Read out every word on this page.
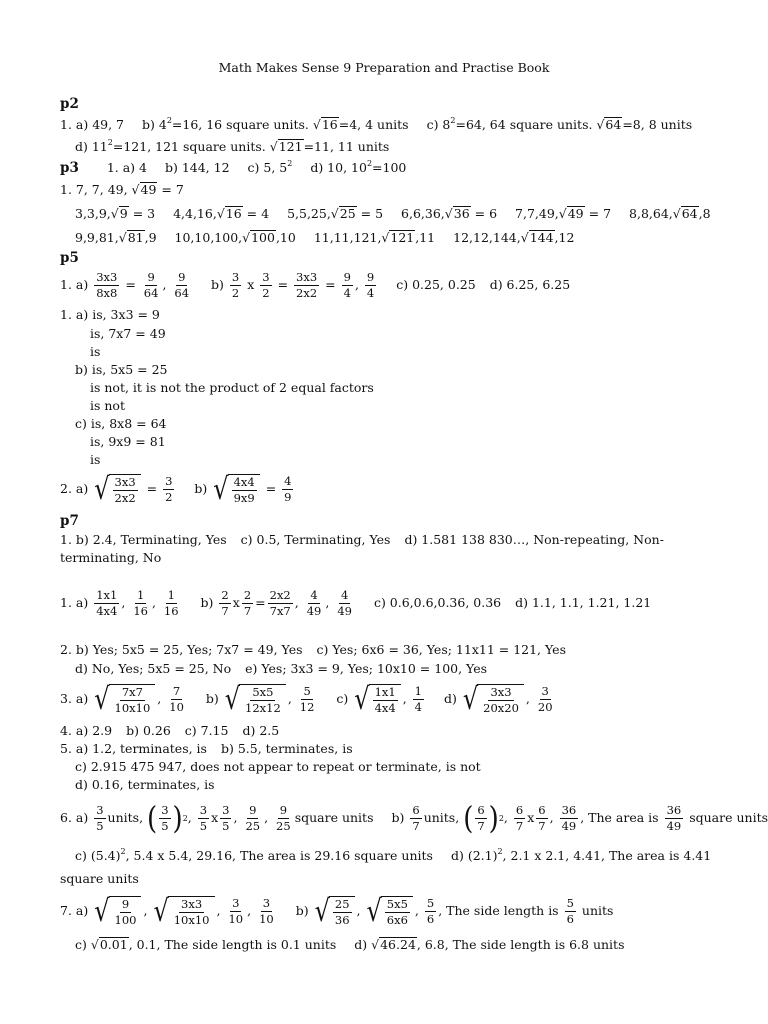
Math Makes Sense 9 Preparation and Practise Book
p2
1. a) 49, 7 b) $4^2=16$, 16 square units. √16=4, 4 units c) $8^2=64$, 64 square units. √64=8, 8 units
d) $11^2=121$, 121 square units. √121=11, 11 units
p3 1. a) 4 b) 144, 12 c) 5, $5^2$ d) 10, $10^2=100$
1. 7, 7, 49, √49 = 7
3,3,9,√9 = 3 4,4,16,√16 = 4 5,5,25,√25 = 5 6,6,36,√36 = 6 7,7,49,√49 = 7 8,8,64,√64,8
9,9,81,√81,9 10,10,100,√100,10 11,11,121,√121,11 12,12,144,√144,12
p5
1. $a) \frac{3x3}{8x8} = \frac{9}{64}$ , $\frac{9}{64} b) \frac{3}{2}$ x $\frac{3}{2} = \frac{3x3}{2x2} = \frac{9}{4}$ , $\frac{9}{4} c$) 0.25, 0.25 d) 6.25, 6.25
1. a) is, 3x3 = 9
is, 7x7 = 49
is
b) is, 5x5 = 25
is not, it is not the product of 2 equal factors
is not
c) is, 8x8 = 64
is, 9x9 = 81
is
2. a) √ $\frac{3x3}{2x2} = \frac{3}{2} b$) √ $\frac{4x4}{9x9} = \frac{4}{9}$
p7
1. b) 2.4, Terminating, Yes c) 0.5, Terminating, Yes d) 1.581 138 830…, Non-repeating, Non-
terminating, No
1. $a) \frac{1x1}{4x4}$ , $\frac{1}{16}$ , $\frac{1}{16} b) \frac{2}{7}$ x $\frac{2}{7} = \frac{2x2}{7x7}$ , $\frac{4}{49}$ , $\frac{4}{49} c$) 0.6,0.6,0.36, 0.36 d) 1.1, 1.1, 1.21, 1.21
2. b) Yes; 5x5 = 25, Yes; 7x7 = 49, Yes c) Yes; 6x6 = 36, Yes; 11x11 = 121, Yes
d) No, Yes; 5x5 = 25, No e) Yes; 3x3 = 9, Yes; 10x10 = 100, Yes
3. a) √ $\frac{7x7}{10x10}$ , $\frac{7}{10} b$) √ $\frac{5x5}{12x12}$ , $\frac{5}{12} c$) √ $\frac{1x1}{4x4}$ , $\frac{1}{4} d$) √ $\frac{3x3}{20x20}$ , $\frac{3}{20}$
4. a) 2.9 b) 0.26 c) 7.15 d) 2.5
5. a) 1.2, terminates, is b) 5.5, terminates, is
c) 2.915 475 947, does not appear to repeat or terminate, is not
d) 0.16, terminates, is
6. $a) \frac{3}{5}$ units, ( $\frac{3}{5}$ ) 2 , $\frac{3}{5}$ x $\frac{3}{5}$ , $\frac{9}{25}$ , $\frac{9}{25}$ square units $b) \frac{6}{7}$ units, ( $\frac{6}{7}$ ) 2 , $\frac{6}{7}$ x $\frac{6}{7}$ , $\frac{36}{49}$ , The area is $\frac{36}{49}$ square units
c) $(5.4)^2$, 5.4 x 5.4, 29.16, The area is 29.16 square units d) $(2.1)^2$, 2.1 x 2.1, 4.41, The area is 4.41
square units
7. a) √ $\frac{9}{100}$ , √ $\frac{3x3}{10x10}$ , $\frac{3}{10}$ , $\frac{3}{10} b$) √ $\frac{25}{36}$ , √ $\frac{5x5}{6x6}$ , $\frac{5}{6}$ , The side length is $\frac{5}{6}$ units
c) √0.01, 0.1, The side length is 0.1 units d) √46.24, 6.8, The side length is 6.8 units
